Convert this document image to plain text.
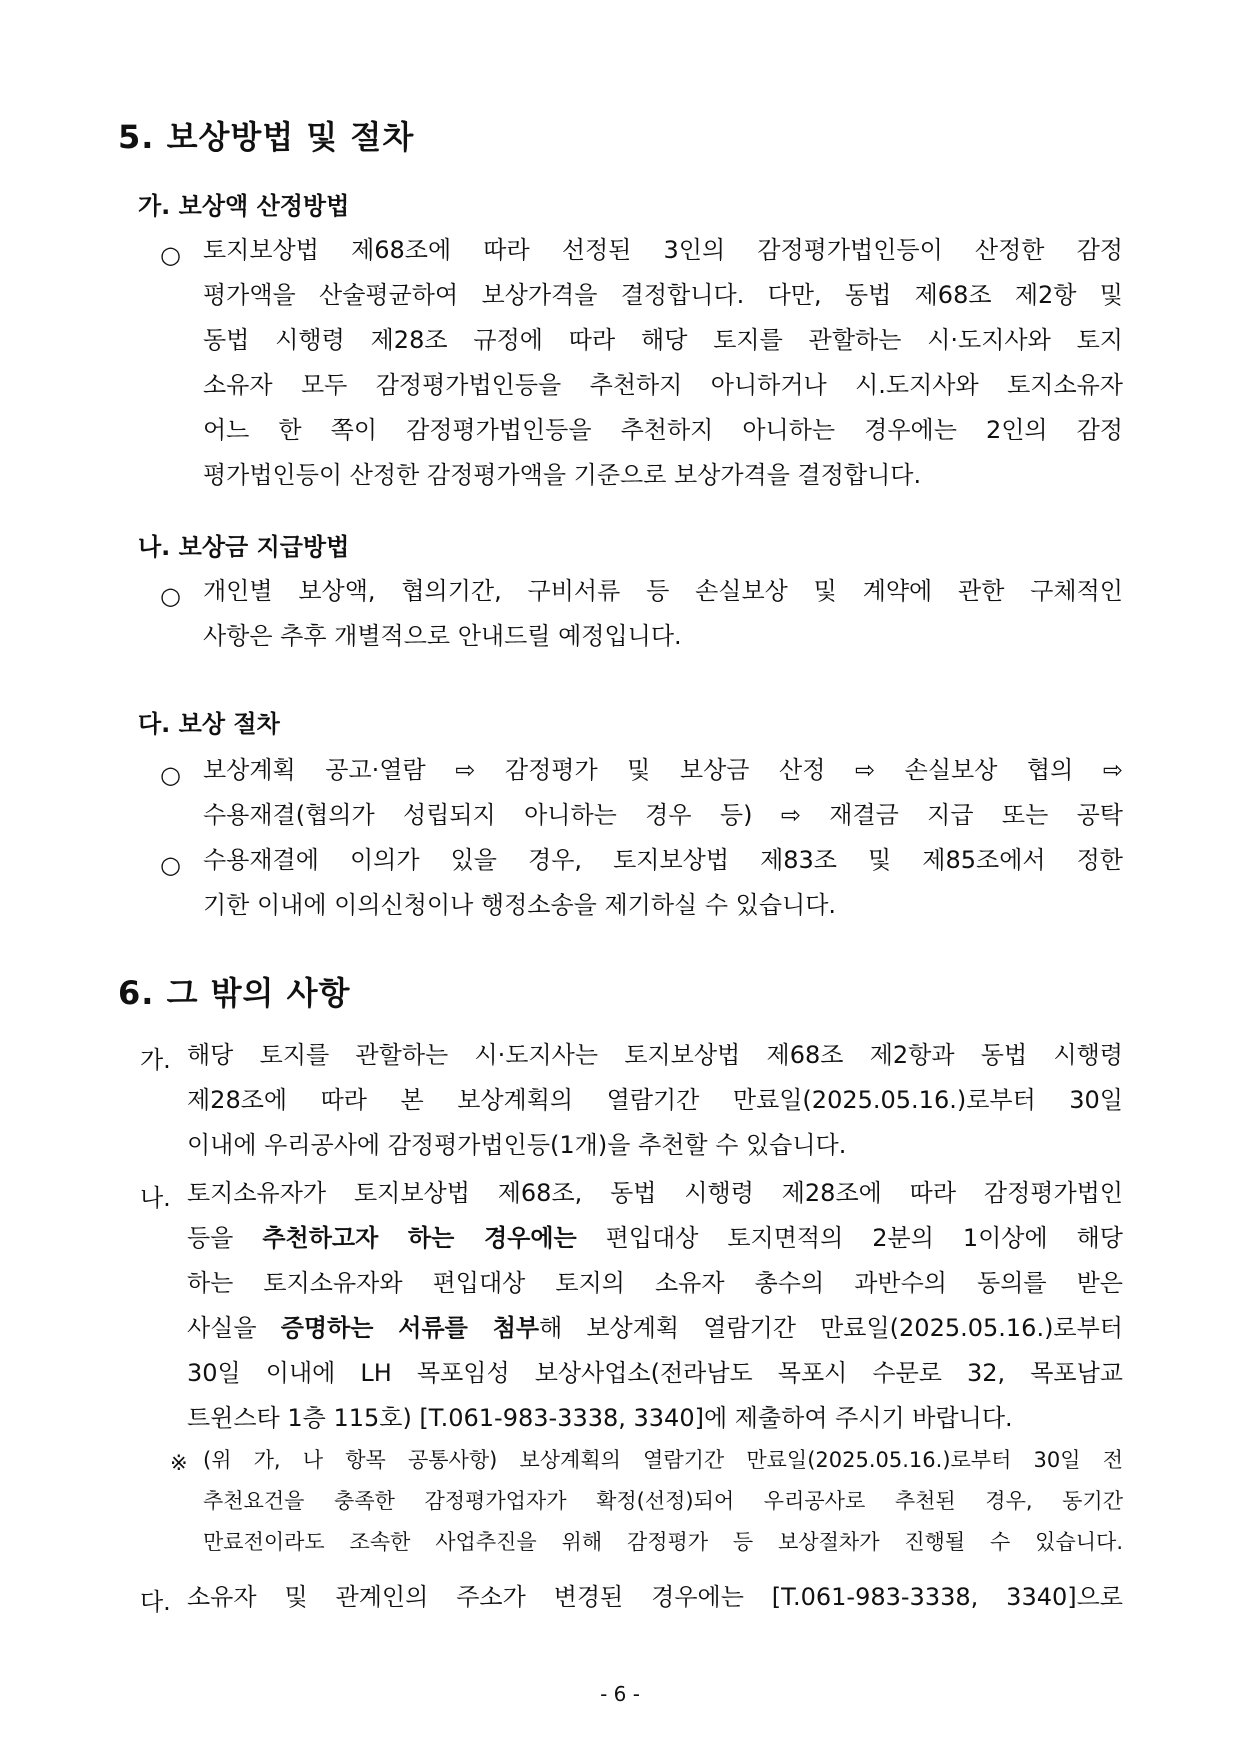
5. 보상방법 및 절차
가. 보상액 산정방법
○ 토지보상법 제68조에 따라 선정된 3인의 감정평가법인등이 산정한 감정
평가액을 산술평균하여 보상가격을 결정합니다. 다만, 동법 제68조 제2항 및
동법 시행령 제28조 규정에 따라 해당 토지를 관할하는 시·도지사와 토지
소유자 모두 감정평가법인등을 추천하지 아니하거나 시.도지사와 토지소유자
어느 한 쪽이 감정평가법인등을 추천하지 아니하는 경우에는 2인의 감정
평가법인등이 산정한 감정평가액을 기준으로 보상가격을 결정합니다.
나. 보상금 지급방법
○ 개인별 보상액, 협의기간, 구비서류 등 손실보상 및 계약에 관한 구체적인
사항은 추후 개별적으로 안내드릴 예정입니다.
다. 보상 절차
○ 보상계획 공고·열람 ⇨ 감정평가 및 보상금 산정 ⇨ 손실보상 협의 ⇨
수용재결(협의가 성립되지 아니하는 경우 등) ⇨ 재결금 지급 또는 공탁
○ 수용재결에 이의가 있을 경우, 토지보상법 제83조 및 제85조에서 정한
기한 이내에 이의신청이나 행정소송을 제기하실 수 있습니다.
6. 그 밖의 사항
가. 해당 토지를 관할하는 시·도지사는 토지보상법 제68조 제2항과 동법 시행령
제28조에 따라 본 보상계획의 열람기간 만료일(2025.05.16.)로부터 30일
이내에 우리공사에 감정평가법인등(1개)을 추천할 수 있습니다.
나. 토지소유자가 토지보상법 제68조, 동법 시행령 제28조에 따라 감정평가법인
등을 추천하고자 하는 경우에는 편입대상 토지면적의 2분의 1이상에 해당
하는 토지소유자와 편입대상 토지의 소유자 총수의 과반수의 동의를 받은
사실을 증명하는 서류를 첨부해 보상계획 열람기간 만료일(2025.05.16.)로부터
30일 이내에 LH 목포임성 보상사업소(전라남도 목포시 수문로 32, 목포남교
트윈스타 1층 115호) [T.061-983-3338, 3340]에 제출하여 주시기 바랍니다.
※ (위 가, 나 항목 공통사항) 보상계획의 열람기간 만료일(2025.05.16.)로부터 30일 전
추천요건을 충족한 감정평가업자가 확정(선정)되어 우리공사로 추천된 경우, 동기간
만료전이라도 조속한 사업추진을 위해 감정평가 등 보상절차가 진행될 수 있습니다.
다. 소유자 및 관계인의 주소가 변경된 경우에는 [T.061-983-3338, 3340]으로

- 6 -
